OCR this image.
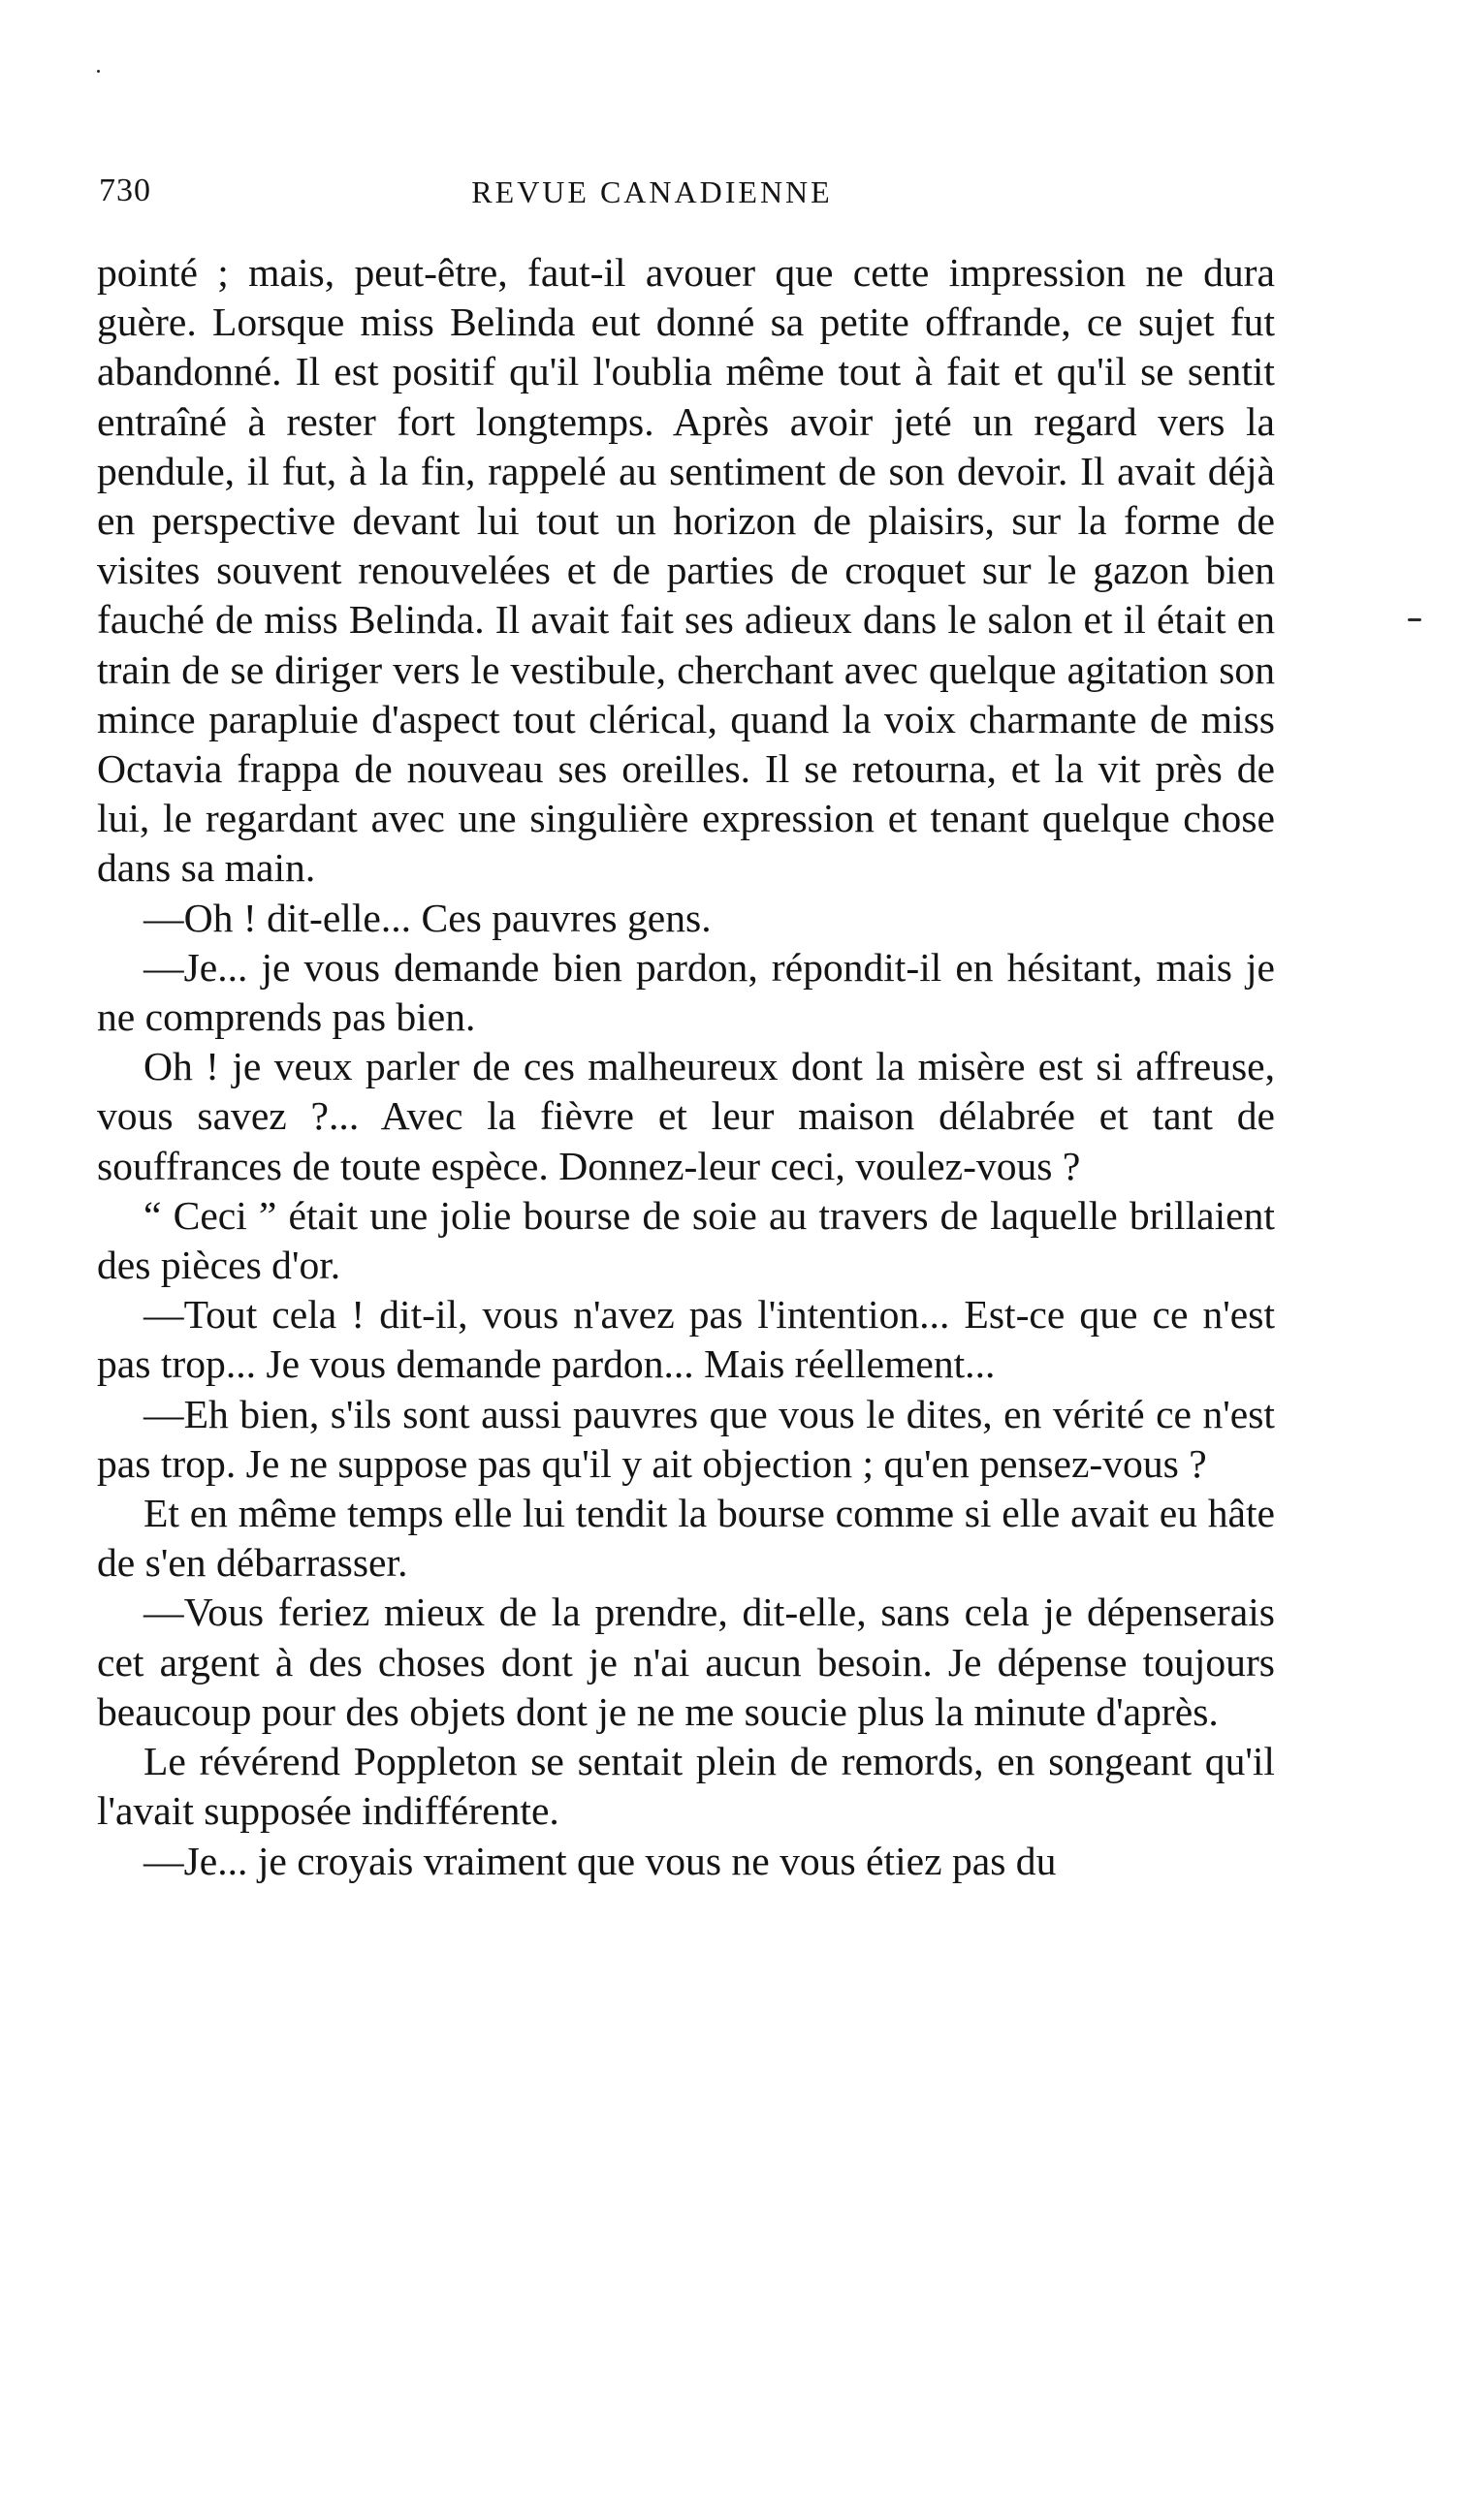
730	REVUE CANADIENNE

pointé ; mais, peut-être, faut-il avouer que cette impression ne dura guère. Lorsque miss Belinda eut donné sa petite offrande, ce sujet fut abandonné. Il est positif qu'il l'oublia même tout à fait et qu'il se sentit entraîné à rester fort longtemps. Après avoir jeté un regard vers la pendule, il fut, à la fin, rappelé au sentiment de son devoir. Il avait déjà en perspective devant lui tout un horizon de plaisirs, sur la forme de visites souvent renouvelées et de parties de croquet sur le gazon bien fauché de miss Belinda. Il avait fait ses adieux dans le salon et il était en train de se diriger vers le vestibule, cherchant avec quelque agitation son mince parapluie d'aspect tout clérical, quand la voix charmante de miss Octavia frappa de nouveau ses oreilles. Il se retourna, et la vit près de lui, le regardant avec une singulière expression et tenant quelque chose dans sa main.

—Oh ! dit-elle... Ces pauvres gens.

—Je... je vous demande bien pardon, répondit-il en hésitant, mais je ne comprends pas bien.

Oh ! je veux parler de ces malheureux dont la misère est si affreuse, vous savez ?... Avec la fièvre et leur maison délabrée et tant de souffrances de toute espèce. Donnez-leur ceci, voulez-vous ?

“ Ceci ” était une jolie bourse de soie au travers de laquelle brillaient des pièces d'or.

—Tout cela ! dit-il, vous n'avez pas l'intention... Est-ce que ce n'est pas trop... Je vous demande pardon... Mais réellement...

—Eh bien, s'ils sont aussi pauvres que vous le dites, en vérité ce n'est pas trop. Je ne suppose pas qu'il y ait objection ; qu'en pensez-vous ?

Et en même temps elle lui tendit la bourse comme si elle avait eu hâte de s'en débarrasser.

—Vous feriez mieux de la prendre, dit-elle, sans cela je dépenserais cet argent à des choses dont je n'ai aucun besoin. Je dépense toujours beaucoup pour des objets dont je ne me soucie plus la minute d'après.

Le révérend Poppleton se sentait plein de remords, en songeant qu'il l'avait supposée indifférente.

—Je... je croyais vraiment que vous ne vous étiez pas du
